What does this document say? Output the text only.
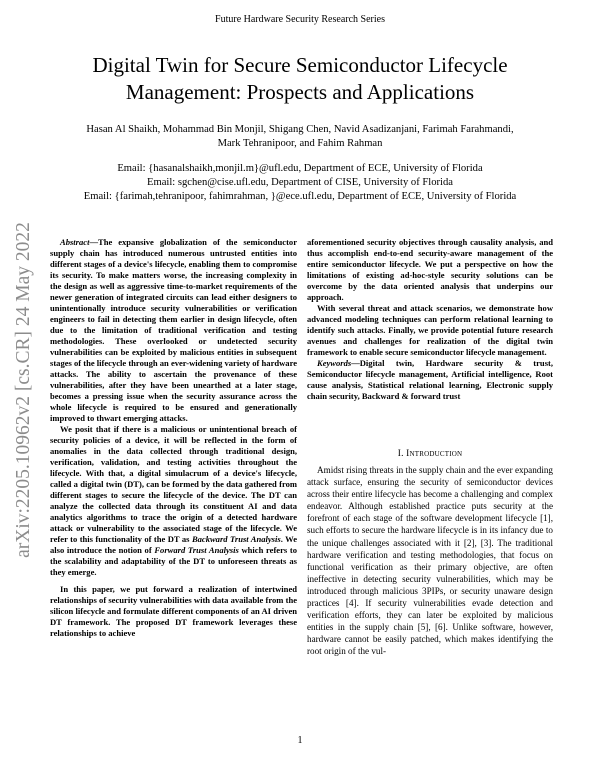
Future Hardware Security Research Series
Digital Twin for Secure Semiconductor Lifecycle
Management: Prospects and Applications
Hasan Al Shaikh, Mohammad Bin Monjil, Shigang Chen, Navid Asadizanjani, Farimah Farahmandi,
Mark Tehranipoor, and Fahim Rahman
Email: {hasanalshaikh,monjil.m}@ufl.edu, Department of ECE, University of Florida
Email: sgchen@cise.ufl.edu, Department of CISE, University of Florida
Email: {farimah,tehranipoor, fahimrahman, }@ece.ufl.edu, Department of ECE, University of Florida
arXiv:2205.10962v2 [cs.CR] 24 May 2022	Abstract—The expansive globalization of the semiconductor supply chain has introduced numerous untrusted entities into different stages of a device's lifecycle, enabling them to compromise its security. To make matters worse, the increasing complexity in the design as well as aggressive time-to-market requirements of the newer generation of integrated circuits can lead either designers to unintentionally introduce security vulnerabilities or verification engineers to fail in detecting them earlier in design lifecycle, often due to the limitation of traditional verification and testing methodologies. These overlooked or undetected security vulnerabilities can be exploited by malicious entities in subsequent stages of the lifecycle through an ever-widening variety of hardware attacks. The ability to ascertain the provenance of these vulnerabilities, after they have been unearthed at a later stage, becomes a pressing issue when the security assurance across the whole lifecycle is required to be ensured and generationally improved to thwart emerging attacks.

We posit that if there is a malicious or unintentional breach of security policies of a device, it will be reflected in the form of anomalies in the data collected through traditional design, verification, validation, and testing activities throughout the lifecycle. With that, a digital simulacrum of a device's lifecycle, called a digital twin (DT), can be formed by the data gathered from different stages to secure the lifecycle of the device. The DT can analyze the collected data through its constituent AI and data analytics algorithms to trace the origin of a detected hardware attack or vulnerability to the associated stage of the lifecycle. We refer to this functionality of the DT as Backward Trust Analysis. We also introduce the notion of Forward Trust Analysis which refers to the scalability and adaptability of the DT to unforeseen threats as they emerge.

In this paper, we put forward a realization of intertwined relationships of security vulnerabilities with data available from the silicon lifecycle and formulate different components of an AI driven DT framework. The proposed DT framework leverages these relationships to achieve

aforementioned security objectives through causality analysis, and thus accomplish end-to-end security-aware management of the entire semiconductor lifecycle. We put a perspective on how the limitations of existing ad-hoc-style security solutions can be overcome by the data oriented analysis that underpins our approach.

With several threat and attack scenarios, we demonstrate how advanced modeling techniques can perform relational learning to identify such attacks. Finally, we provide potential future research avenues and challenges for realization of the digital twin framework to enable secure semiconductor lifecycle management.

Keywords—Digital twin, Hardware security & trust, Semiconductor lifecycle management, Artificial intelligence, Root cause analysis, Statistical relational learning, Electronic supply chain security, Backward & forward trust

I. Introduction

Amidst rising threats in the supply chain and the ever expanding attack surface, ensuring the security of semiconductor devices across their entire lifecycle has become a challenging and complex endeavor. Although established practice puts security at the forefront of each stage of the software development lifecycle [1], such efforts to secure the hardware lifecycle is in its infancy due to the unique challenges associated with it [2], [3]. The traditional hardware verification and testing methodologies, that focus on functional verification as their primary objective, are often ineffective in detecting security vulnerabilities, which may be introduced through malicious 3PIPs, or security unaware design practices [4]. If security vulnerabilities evade detection and verification efforts, they can later be exploited by malicious entities in the supply chain [5], [6]. Unlike software, however, hardware cannot be easily patched, which makes identifying the root origin of the vul-

1
